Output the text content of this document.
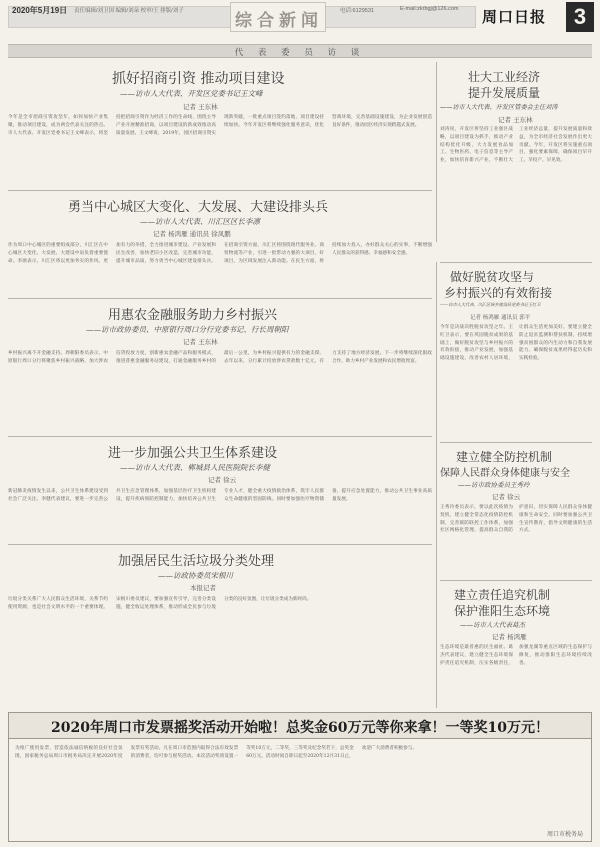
2020年5月19日 责任编辑/刘卫国 编辑/刘朵 校审/王 排版/刘子	综合新闻	电话:6129531	E-mail:zkrbgj@126.com 周口日报	3
代 表 委 员 访 谈
抓好招商引资 推动项目建设
——访市人大代表、开发区党委书记王文峰
记者 王东林
今年是全市招商引资攻坚年，如何加快产业集聚，推动项目建设，成为两会代表关注的热点。市人大代表、开发区党委书记王文峰表示，将坚持把招商引资作为经济工作的生命线，围绕主导产业开展精准招商，以项目建设的新成效推动高质量发展。王文峰说，2019年，园区招商引资实现新突破，一批重点项目签约落地，项目建设持续加快。今年开发区将继续强化服务意识，优化营商环境，完善基础设施建设，为企业发展创造良好条件，推动园区经济实现跨越式发展。
壮大工业经济
提升发展质量
——访市人大代表、开发区管委会主任刘涛
记者 王东林
刘涛说，开发区将坚持工业强区战略，以项目建设为抓手，推动产业结构优化升级，大力发展食品加工、生物医药、电子信息等主导产业，加快培育新兴产业，不断壮大工业经济总量，提升发展质量和效益，为全市经济社会发展作出更大贡献。今年，开发区将实施重点项目，强化要素保障，确保项目早开工、早投产、早见效。
勇当中心城区大变化、大发展、大建设排头兵
——访市人大代表、川汇区区长李凛
记者 杨鸿雁 通讯员 徐凤鹏
作为周口中心城区的重要组成部分，川汇区在中心城区大变化、大发展、大建设中肩负着重要使命。李凛表示，川汇区将以更加务实的作风、更加有力的举措，全力推进城市建设、产业发展和民生改善，加快老旧小区改造，完善城市功能，提升城市品质，努力勇当中心城区建设排头兵。在招商引资方面，川汇区将围绕现代服务业、商贸物流等产业，引进一批带动力强的大项目、好项目，为区域发展注入新动能。在民生方面，将持续加大投入，办好群众关心的实事，不断增强人民群众的获得感、幸福感和安全感。
做好脱贫攻坚与
乡村振兴的有效衔接
——访市人大代表、川汇区城乡建设局党委书记王红卫
记者 杨鸿雁 通讯员 郭平
今年是决战决胜脱贫攻坚之年。王红卫表示，要在巩固脱贫成果的基础上，做好脱贫攻坚与乡村振兴的有效衔接，推动产业发展，加强基础设施建设，改善农村人居环境，让群众生活更加美好。要建立健全防止返贫监测和帮扶机制，持续增强贫困群众的内生动力和自我发展能力，确保脱贫成果经得起历史和实践检验。
用惠农金融服务助力乡村振兴
——访市政协委员、中原银行周口分行党委书记、行长周朝阳
记者 王东林
乡村振兴离不开金融支持。周朝阳委员表示，中原银行周口分行将聚焦乡村振兴战略，加大涉农信贷投放力度，创新惠农金融产品和服务模式，推进普惠金融服务站建设，打通金融服务乡村的最后一公里，为乡村振兴提供有力的金融支撑。去年以来，分行累计投放涉农贷款数十亿元，有力支持了地方经济发展。下一步将继续深化银政合作，助力乡村产业发展和农民增收致富。
进一步加强公共卫生体系建设
——访市人大代表、郸城县人民医院院长李健
记者 徐云
新冠肺炎疫情发生以来，公共卫生体系建设受到社会广泛关注。李健代表建议，要进一步完善公共卫生应急管理体系，加强基层医疗卫生机构建设，提升疾病预防控制能力，加快培养公共卫生专业人才，健全重大疫情救治体系，筑牢人民群众生命健康的坚固防线。同时要加强医疗物资储备，提升应急处置能力，推动公共卫生事业高质量发展。
建立健全防控机制
保障人民群众身体健康与安全
——访市政协委员王秀玲
记者 徐云
王秀玲委员表示，要以此次疫情为契机，建立健全常态化疫情防控机制，完善联防联控工作体系，加强社区网格化管理，提高群众自我防护意识，切实保障人民群众身体健康和生命安全。同时要加强公共卫生宣传教育，倡导文明健康的生活方式。
加强居民生活垃圾分类处理
——访政协委员宋根川
本报记者
垃圾分类关系广大人民群众生活环境，关系节约使用资源，也是社会文明水平的一个重要体现。宋根川委员建议，要加强宣传引导，完善分类设施，健全收运处理体系，推动形成全民参与垃圾分类的良好氛围，让垃圾分类成为新时尚。	建立责任追究机制
保护淮阳生态环境
——访市人大代表葛杰
记者 杨鸿雁
生态环境是最普惠的民生福祉。葛杰代表建议，建立健全生态环境保护责任追究机制，压实各级责任，加强龙湖等重点区域的生态保护与修复，推动淮阳生态环境持续改善。
2020年周口市发票摇奖活动开始啦！总奖金60万元等你来拿！一等奖10万元！
为推广使用发票，营造依法诚信纳税的良好社会氛围，国家税务总局周口市税务局决定开展2020年度发票有奖活动。凡在周口市范围内取得合法有效发票的消费者，均可参与摇奖活动。本次活动奖项设置一等奖10万元，二等奖、三等奖及纪念奖若干，总奖金60万元。活动时间自即日起至2020年12月31日止，欢迎广大消费者积极参与。
周口市税务局
